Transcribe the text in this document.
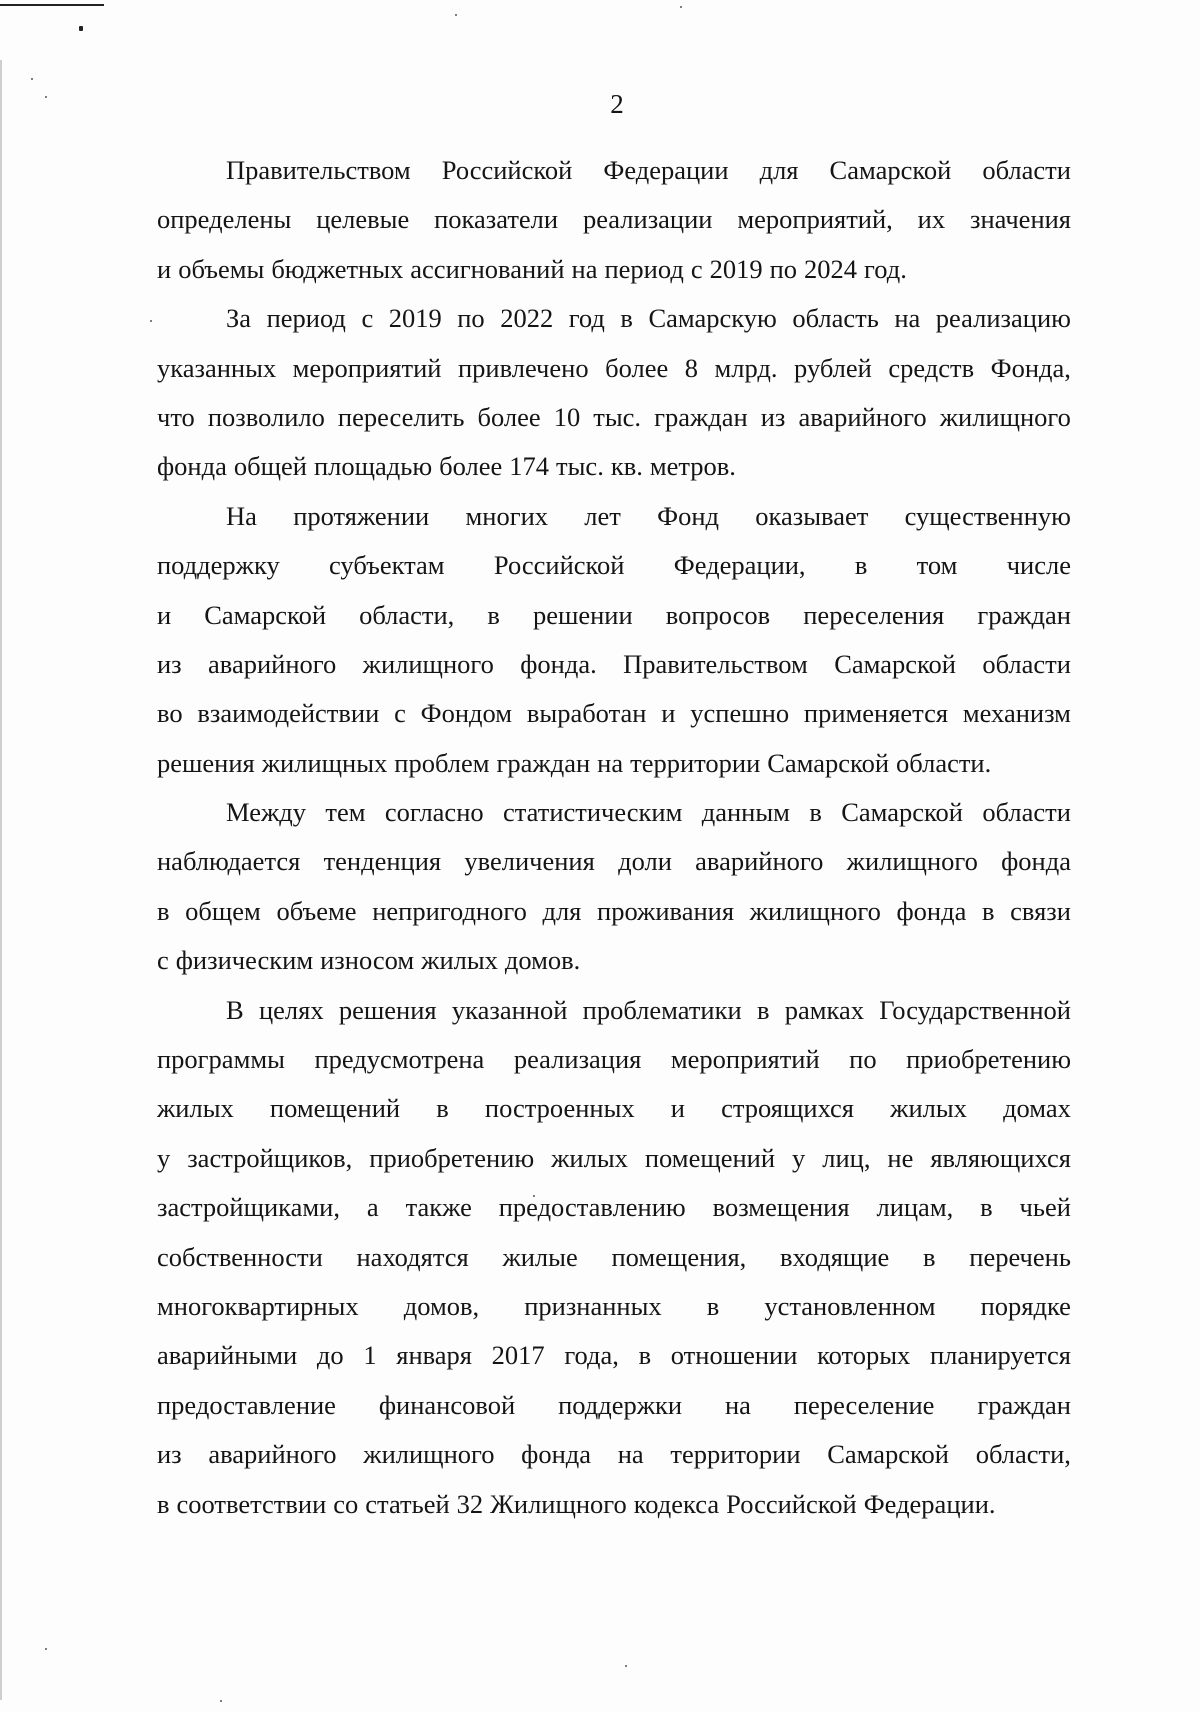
2
Правительством Российской Федерации для Самарской области
определены целевые показатели реализации мероприятий, их значения
и объемы бюджетных ассигнований на период с 2019 по 2024 год.
За период с 2019 по 2022 год в Самарскую область на реализацию
указанных мероприятий привлечено более 8 млрд. рублей средств Фонда,
что позволило переселить более 10 тыс. граждан из аварийного жилищного
фонда общей площадью более 174 тыс. кв. метров.
На протяжении многих лет Фонд оказывает существенную
поддержку субъектам Российской Федерации, в том числе
и Самарской области, в решении вопросов переселения граждан
из аварийного жилищного фонда. Правительством Самарской области
во взаимодействии с Фондом выработан и успешно применяется механизм
решения жилищных проблем граждан на территории Самарской области.
Между тем согласно статистическим данным в Самарской области
наблюдается тенденция увеличения доли аварийного жилищного фонда
в общем объеме непригодного для проживания жилищного фонда в связи
с физическим износом жилых домов.
В целях решения указанной проблематики в рамках Государственной
программы предусмотрена реализация мероприятий по приобретению
жилых помещений в построенных и строящихся жилых домах
у застройщиков, приобретению жилых помещений у лиц, не являющихся
застройщиками, а также предоставлению возмещения лицам, в чьей
собственности находятся жилые помещения, входящие в перечень
многоквартирных домов, признанных в установленном порядке
аварийными до 1 января 2017 года, в отношении которых планируется
предоставление финансовой поддержки на переселение граждан
из аварийного жилищного фонда на территории Самарской области,
в соответствии со статьей 32 Жилищного кодекса Российской Федерации.
